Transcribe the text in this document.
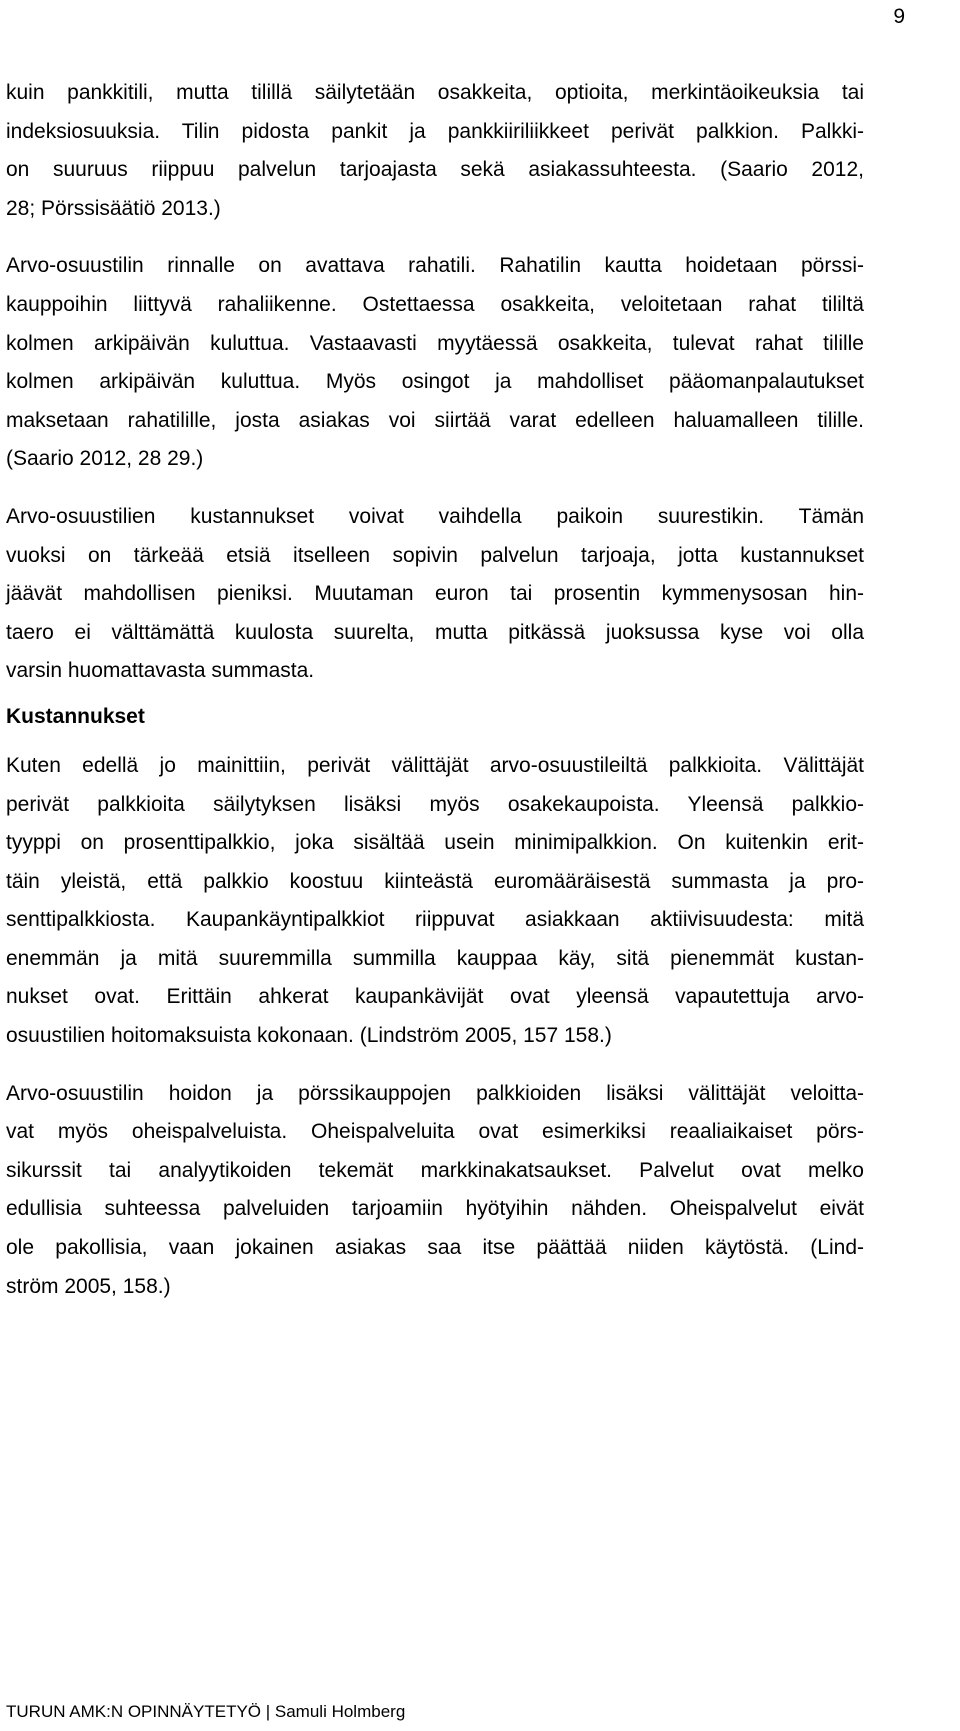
9
kuin pankkitili, mutta tilillä säilytetään osakkeita, optioita, merkintäoikeuksia tai
indeksiosuuksia. Tilin pidosta pankit ja pankkiiriliikkeet perivät palkkion. Palkki-
on suuruus riippuu palvelun tarjoajasta sekä asiakassuhteesta. (Saario 2012,
28; Pörssisäätiö 2013.)
Arvo-osuustilin rinnalle on avattava rahatili. Rahatilin kautta hoidetaan pörssi-
kauppoihin liittyvä rahaliikenne. Ostettaessa osakkeita, veloitetaan rahat tililtä
kolmen arkipäivän kuluttua. Vastaavasti myytäessä osakkeita, tulevat rahat tilille
kolmen arkipäivän kuluttua. Myös osingot ja mahdolliset pääomanpalautukset
maksetaan rahatilille, josta asiakas voi siirtää varat edelleen haluamalleen tilille.
(Saario 2012, 28 29.)
Arvo-osuustilien kustannukset voivat vaihdella paikoin suurestikin. Tämän
vuoksi on tärkeää etsiä itselleen sopivin palvelun tarjoaja, jotta kustannukset
jäävät mahdollisen pieniksi. Muutaman euron tai prosentin kymmenysosan hin-
taero ei välttämättä kuulosta suurelta, mutta pitkässä juoksussa kyse voi olla
varsin huomattavasta summasta.
Kustannukset
Kuten edellä jo mainittiin, perivät välittäjät arvo-osuustileiltä palkkioita. Välittäjät
perivät palkkioita säilytyksen lisäksi myös osakekaupoista. Yleensä palkkio-
tyyppi on prosenttipalkkio, joka sisältää usein minimipalkkion. On kuitenkin erit-
täin yleistä, että palkkio koostuu kiinteästä euromääräisestä summasta ja pro-
senttipalkkiosta. Kaupankäyntipalkkiot riippuvat asiakkaan aktiivisuudesta: mitä
enemmän ja mitä suuremmilla summilla kauppaa käy, sitä pienemmät kustan-
nukset ovat. Erittäin ahkerat kaupankävijät ovat yleensä vapautettuja arvo-
osuustilien hoitomaksuista kokonaan. (Lindström 2005, 157 158.)
Arvo-osuustilin hoidon ja pörssikauppojen palkkioiden lisäksi välittäjät veloitta-
vat myös oheispalveluista. Oheispalveluita ovat esimerkiksi reaaliaikaiset pörs-
sikurssit tai analyytikoiden tekemät markkinakatsaukset. Palvelut ovat melko
edullisia suhteessa palveluiden tarjoamiin hyötyihin nähden. Oheispalvelut eivät
ole pakollisia, vaan jokainen asiakas saa itse päättää niiden käytöstä. (Lind-
ström 2005, 158.)
TURUN AMK:N OPINNÄYTETYÖ | Samuli Holmberg
